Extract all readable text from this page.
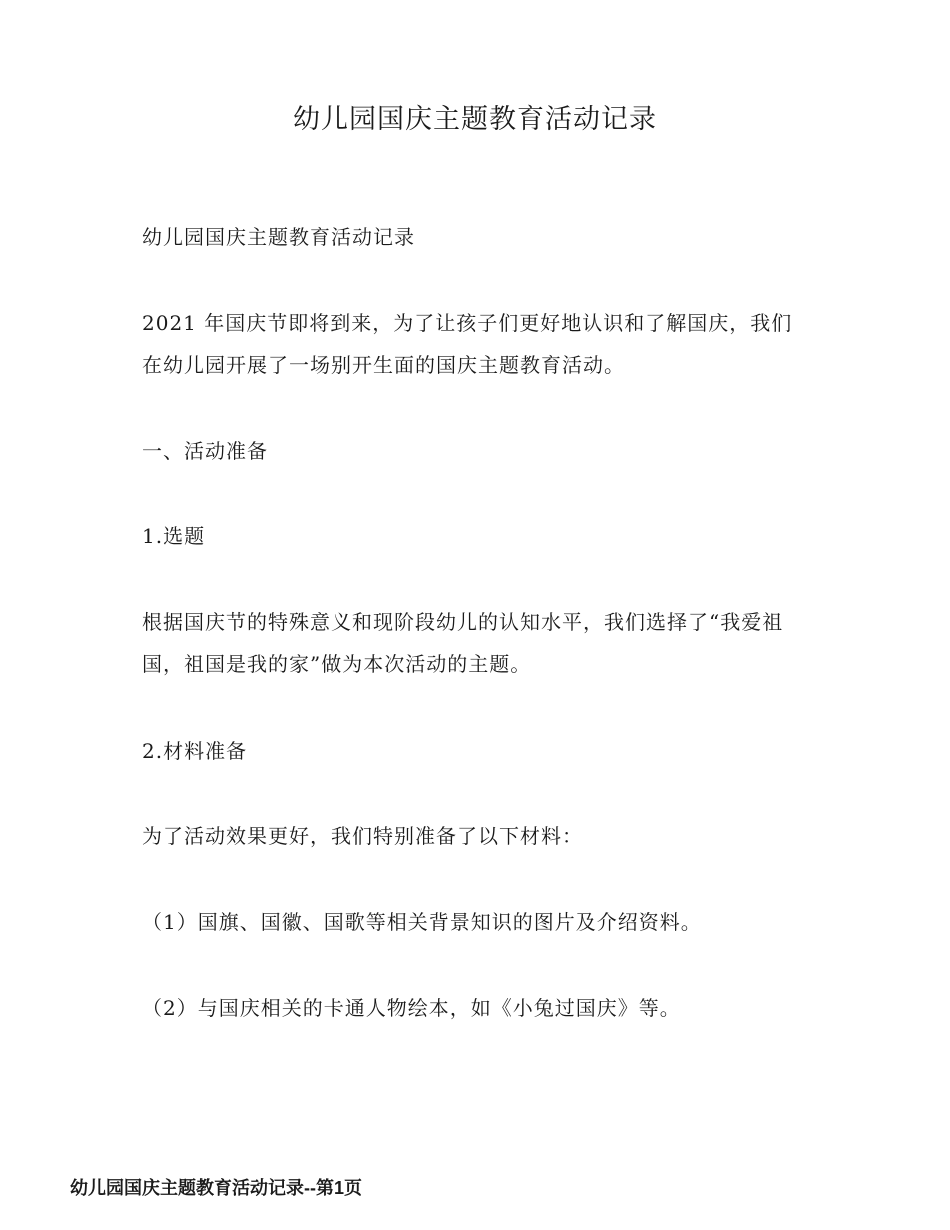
幼儿园国庆主题教育活动记录

幼儿园国庆主题教育活动记录

2021 年国庆节即将到来，为了让孩子们更好地认识和了解国庆，我们在幼儿园开展了一场别开生面的国庆主题教育活动。

一、活动准备

1.选题

根据国庆节的特殊意义和现阶段幼儿的认知水平，我们选择了“我爱祖国，祖国是我的家”做为本次活动的主题。

2.材料准备

为了活动效果更好，我们特别准备了以下材料：

（1）国旗、国徽、国歌等相关背景知识的图片及介绍资料。

（2）与国庆相关的卡通人物绘本，如《小兔过国庆》等。

幼儿园国庆主题教育活动记录--第1页
